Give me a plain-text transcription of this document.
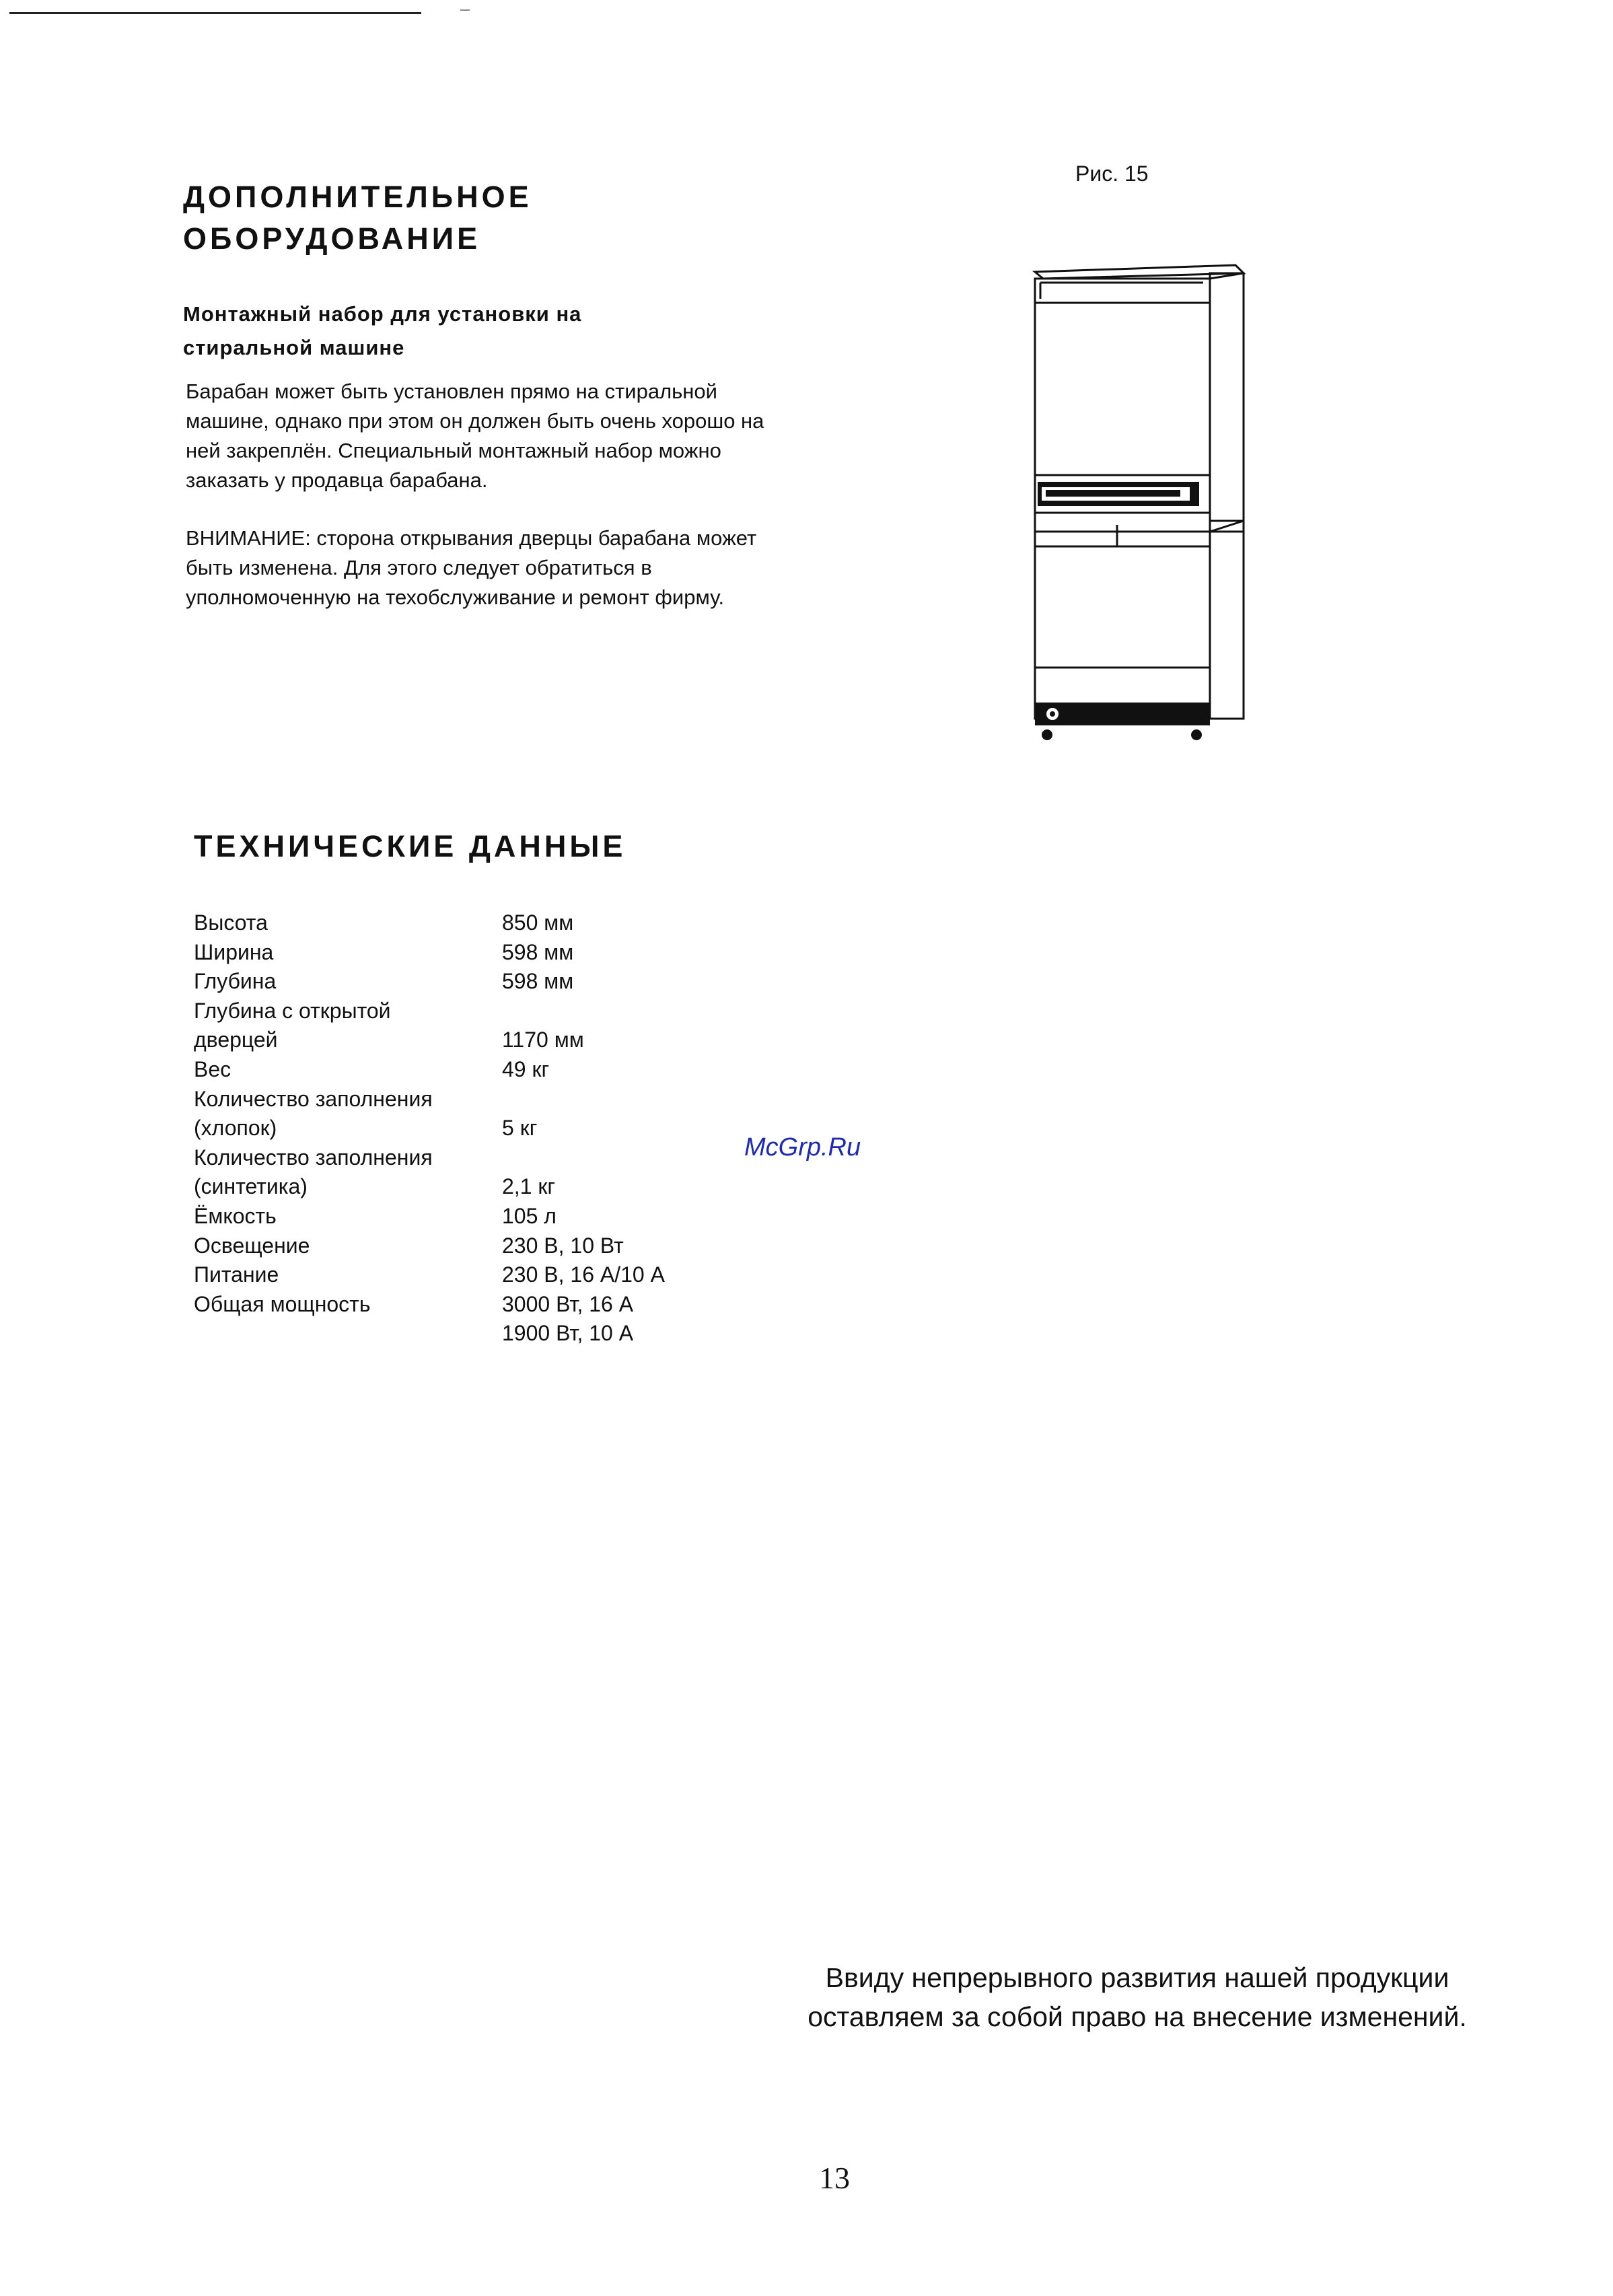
ДОПОЛНИТЕЛЬНОЕ
ОБОРУДОВАНИЕ
Монтажный набор для установки на стиральной машине

Барабан может быть установлен прямо на стиральной машине, однако при этом он должен быть очень хорошо на ней закреплён. Специальный монтажный набор можно заказать у продавца барабана.

ВНИМАНИЕ: сторона открывания дверцы барабана может быть изменена. Для этого следует обратиться в уполномоченную на техобслуживание и ремонт фирму.

Рис. 15
ТЕХНИЧЕСКИЕ ДАННЫЕ
Высота	850 мм
Ширина	598 мм
Глубина	598 мм
Глубина с открытой
дверцей	1170 мм
Вес	49 кг
Количество заполнения
(хлопок)	5 кг
Количество заполнения
(синтетика)	2,1 кг
Ёмкость	105 л
Освещение	230 В, 10 Вт
Питание	230 В, 16 А/10 А
Общая мощность	3000 Вт, 16 А
1900 Вт, 10 А
McGrp.Ru

Ввиду непрерывного развития нашей продукции оставляем за собой право на внесение изменений.

13
